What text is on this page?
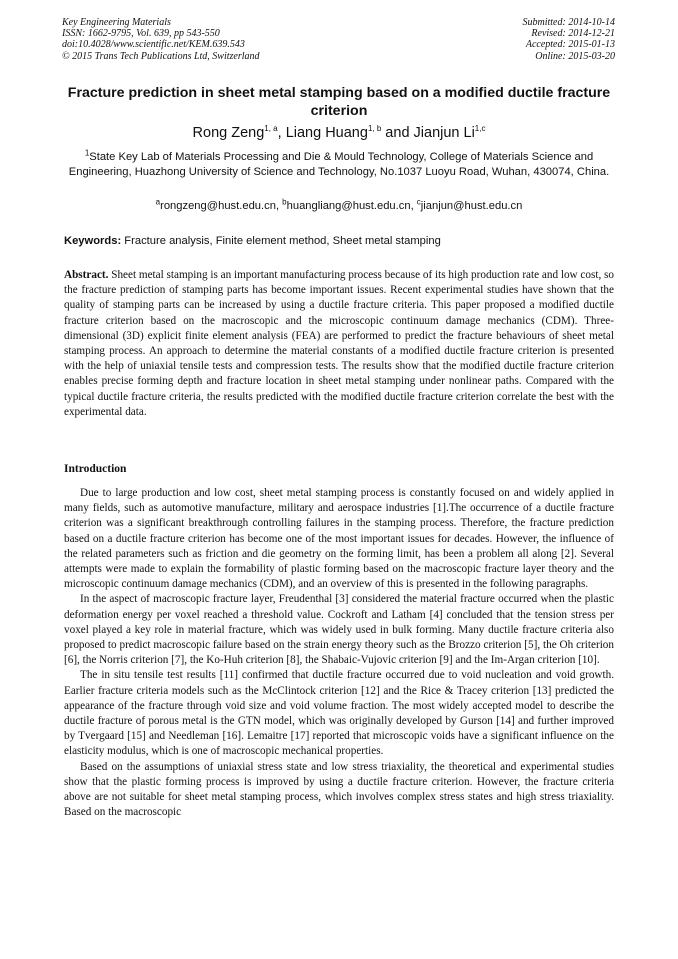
Key Engineering Materials
ISSN: 1662-9795, Vol. 639, pp 543-550
doi:10.4028/www.scientific.net/KEM.639.543
© 2015 Trans Tech Publications Ltd, Switzerland
Submitted: 2014-10-14
Revised: 2014-12-21
Accepted: 2015-01-13
Online: 2015-03-20
Fracture prediction in sheet metal stamping based on a modified ductile fracture criterion
Rong Zeng$^{1, a}$, Liang Huang$^{1, b}$ and Jianjun Li$^{1,c}$
$^1$State Key Lab of Materials Processing and Die & Mould Technology, College of Materials Science and Engineering, Huazhong University of Science and Technology, No.1037 Luoyu Road, Wuhan, 430074, China.
$^a$rongzeng@hust.edu.cn, $^b$huangliang@hust.edu.cn, $^c$jianjun@hust.edu.cn
Keywords: Fracture analysis, Finite element method, Sheet metal stamping
Abstract. Sheet metal stamping is an important manufacturing process because of its high production rate and low cost, so the fracture prediction of stamping parts has become important issues. Recent experimental studies have shown that the quality of stamping parts can be increased by using a ductile fracture criteria. This paper proposed a modified ductile fracture criterion based on the macroscopic and the microscopic continuum damage mechanics (CDM). Three-dimensional (3D) explicit finite element analysis (FEA) are performed to predict the fracture behaviours of sheet metal stamping process. An approach to determine the material constants of a modified ductile fracture criterion is presented with the help of uniaxial tensile tests and compression tests. The results show that the modified ductile fracture criterion enables precise forming depth and fracture location in sheet metal stamping under nonlinear paths. Compared with the typical ductile fracture criteria, the results predicted with the modified ductile fracture criterion correlate the best with the experimental data.
Introduction

Due to large production and low cost, sheet metal stamping process is constantly focused on and widely applied in many fields, such as automotive manufacture, military and aerospace industries [1].The occurrence of a ductile fracture criterion was a significant breakthrough controlling failures in the stamping process. Therefore, the fracture prediction based on a ductile fracture criterion has become one of the most important issues for decades. However, the influence of the related parameters such as friction and die geometry on the forming limit, has been a problem all along [2]. Several attempts were made to explain the formability of plastic forming based on the macroscopic fracture layer theory and the microscopic continuum damage mechanics (CDM), and an overview of this is presented in the following paragraphs.

In the aspect of macroscopic fracture layer, Freudenthal [3] considered the material fracture occurred when the plastic deformation energy per voxel reached a threshold value. Cockroft and Latham [4] concluded that the tension stress per voxel played a key role in material fracture, which was widely used in bulk forming. Many ductile fracture criteria also proposed to predict macroscopic failure based on the strain energy theory such as the Brozzo criterion [5], the Oh criterion [6], the Norris criterion [7], the Ko-Huh criterion [8], the Shabaic-Vujovic criterion [9] and the Im-Argan criterion [10].

The in situ tensile test results [11] confirmed that ductile fracture occurred due to void nucleation and void growth. Earlier fracture criteria models such as the McClintock criterion [12] and the Rice & Tracey criterion [13] predicted the appearance of the fracture through void size and void volume fraction. The most widely accepted model to describe the ductile fracture of porous metal is the GTN model, which was originally developed by Gurson [14] and further improved by Tvergaard [15] and Needleman [16]. Lemaitre [17] reported that microscopic voids have a significant influence on the elasticity modulus, which is one of macroscopic mechanical properties.

Based on the assumptions of uniaxial stress state and low stress triaxiality, the theoretical and experimental studies show that the plastic forming process is improved by using a ductile fracture criterion. However, the fracture criteria above are not suitable for sheet metal stamping process, which involves complex stress states and high stress triaxiality. Based on the macroscopic
